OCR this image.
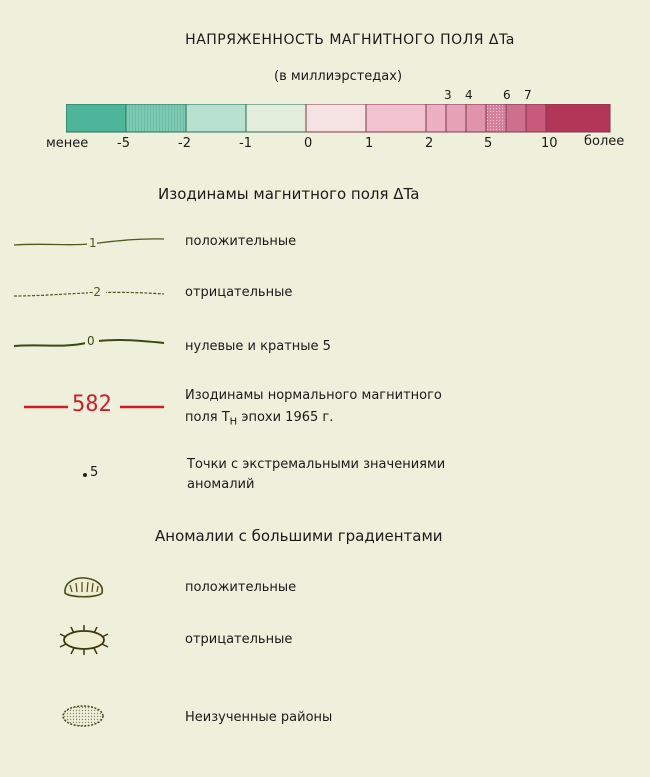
НАПРЯЖЕННОСТЬ МАГНИТНОГО ПОЛЯ ΔTa
(в миллиэрстедах)
3 4	6 7
менее -5	-2	-1	0	1	2	5	10 более
Изодинамы магнитного поля ΔTa
1	положительные
-2	отрицательные
0	нулевые и кратные 5
582	Изодинамы нормального магнитного
поля $T_H$ эпохи 1965 г.
5
Точки с экстремальными значениями
аномалий
Аномалии с большими градиентами
положительные
отрицательные
Неизученные районы
